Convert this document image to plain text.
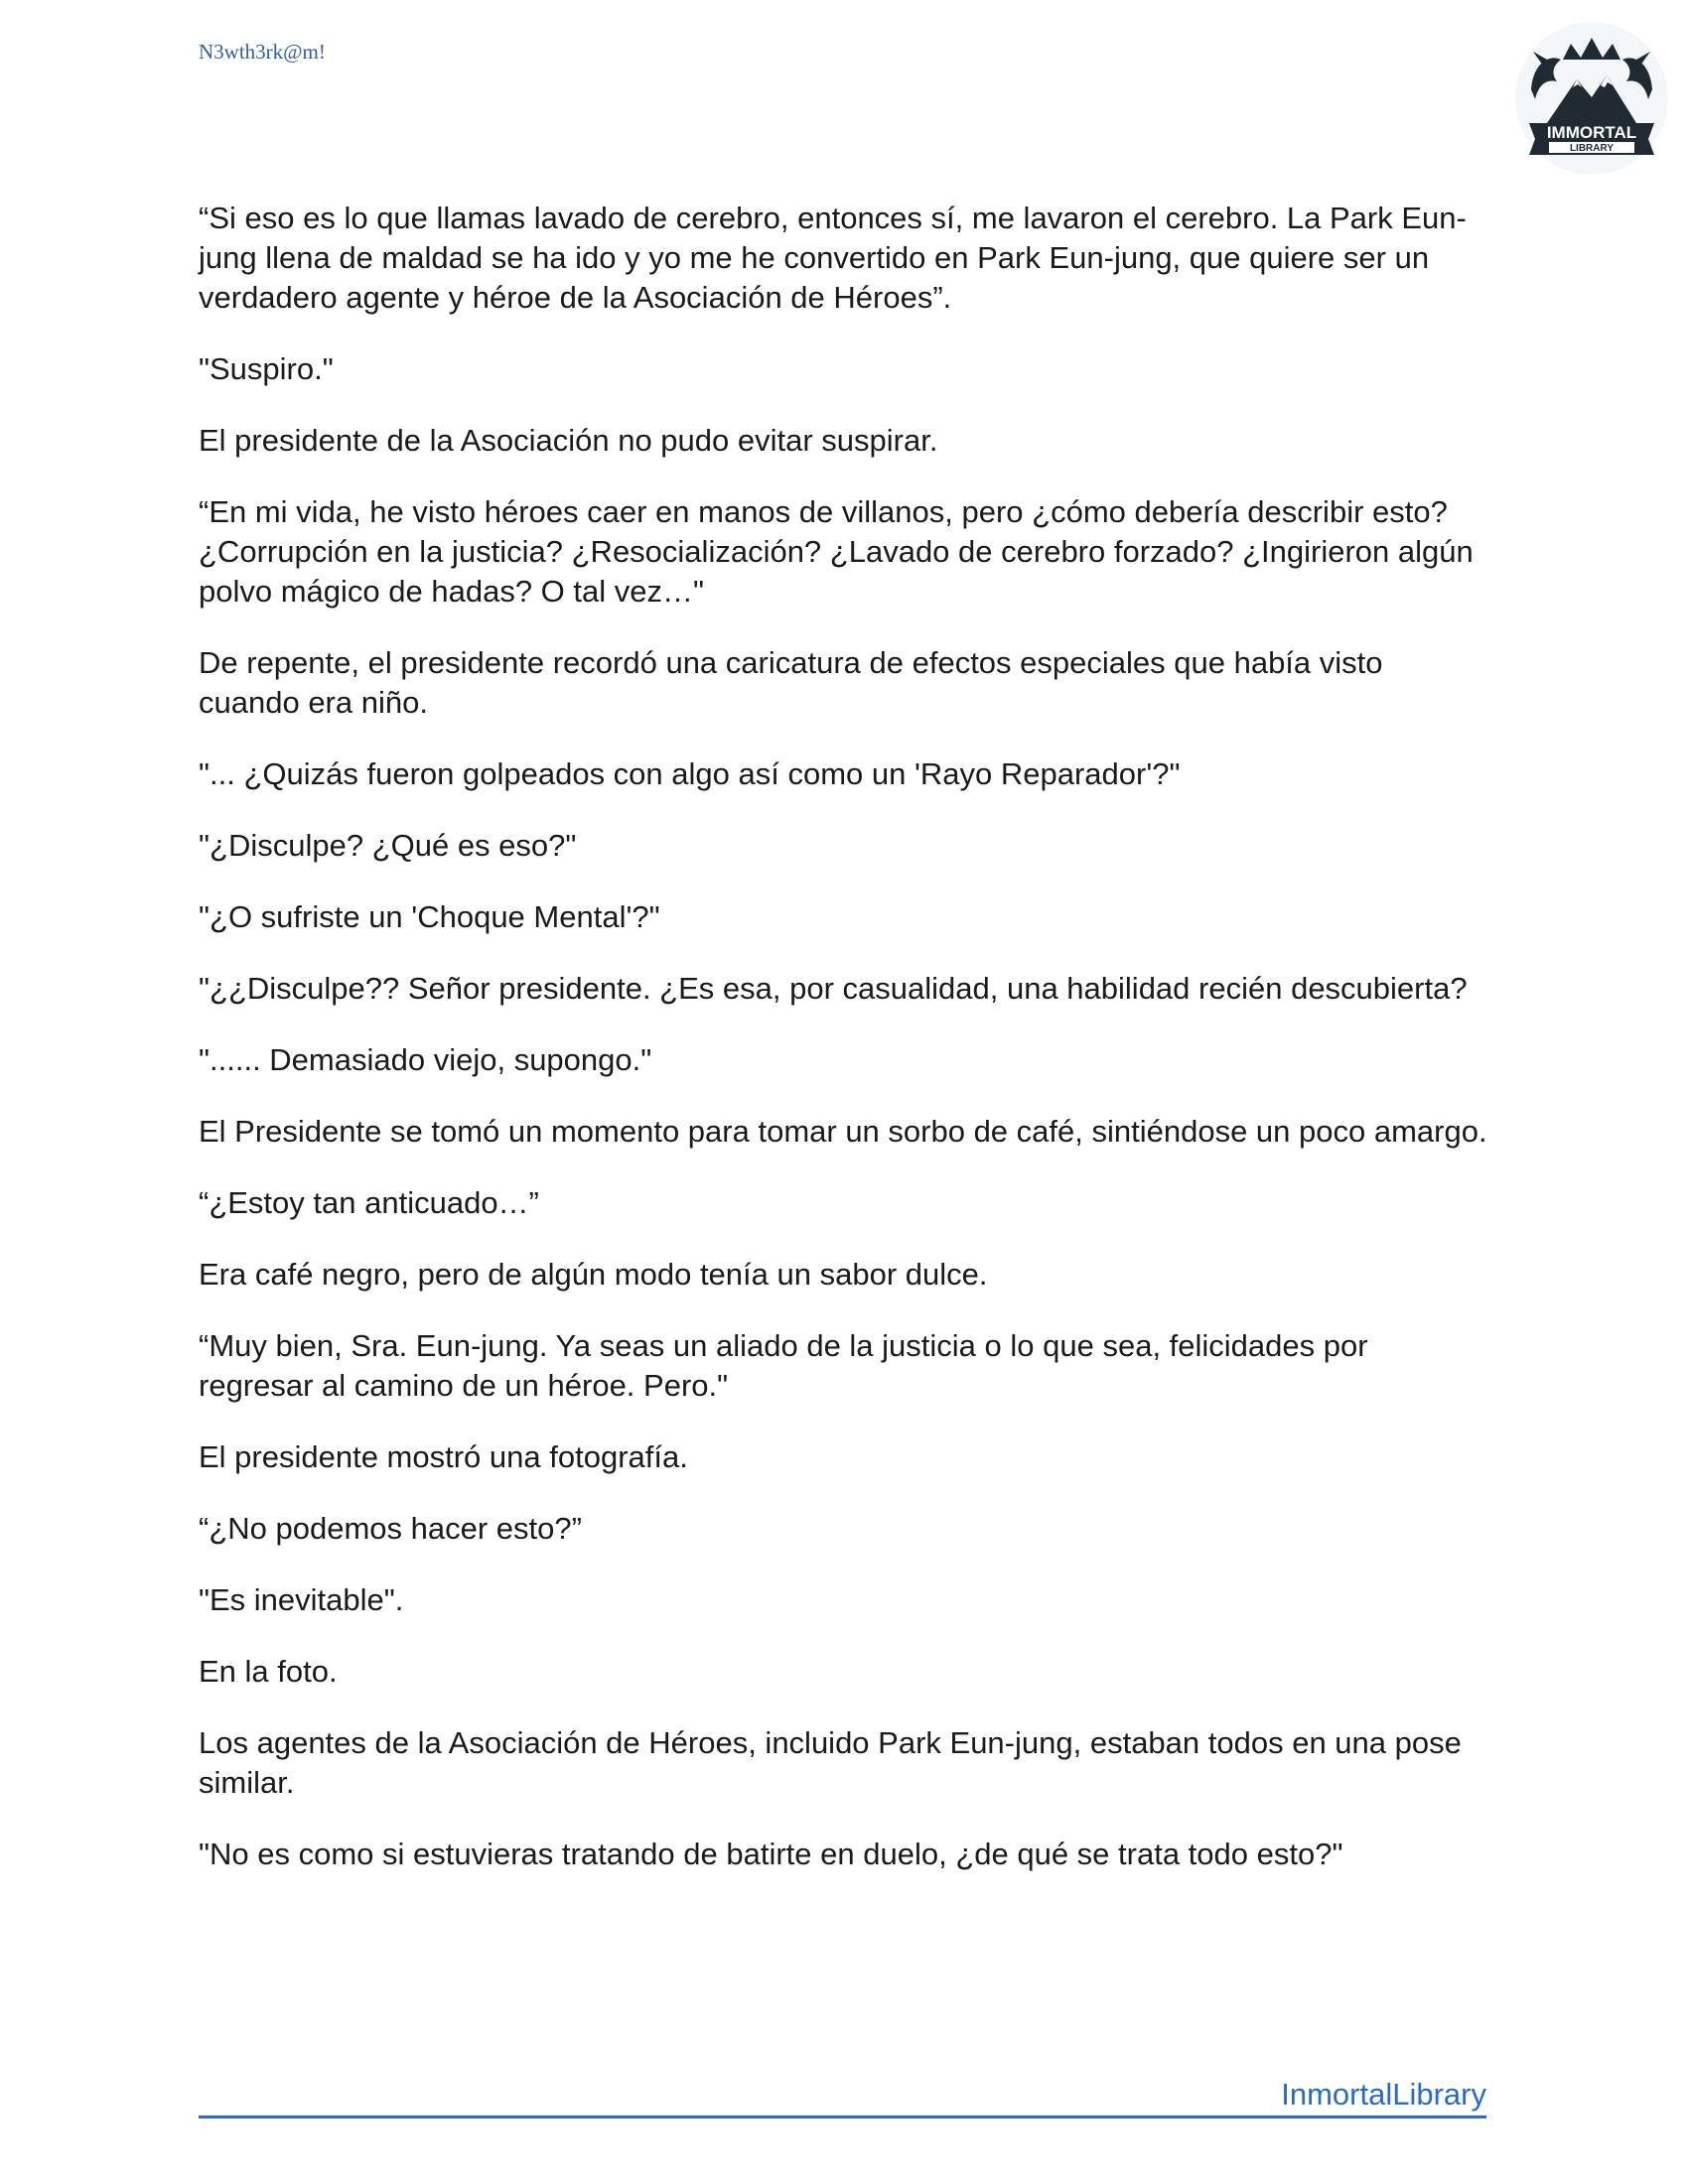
N3wth3rk@m!
IMMORTAL
LIBRARY

“Si eso es lo que llamas lavado de cerebro, entonces sí, me lavaron el cerebro. La Park Eun-jung llena de maldad se ha ido y yo me he convertido en Park Eun-jung, que quiere ser un verdadero agente y héroe de la Asociación de Héroes”.

"Suspiro."

El presidente de la Asociación no pudo evitar suspirar.

“En mi vida, he visto héroes caer en manos de villanos, pero ¿cómo debería describir esto? ¿Corrupción en la justicia? ¿Resocialización? ¿Lavado de cerebro forzado? ¿Ingirieron algún polvo mágico de hadas? O tal vez…"

De repente, el presidente recordó una caricatura de efectos especiales que había visto cuando era niño.

"... ¿Quizás fueron golpeados con algo así como un 'Rayo Reparador'?"

"¿Disculpe? ¿Qué es eso?"

"¿O sufriste un 'Choque Mental'?"

"¿¿Disculpe?? Señor presidente. ¿Es esa, por casualidad, una habilidad recién descubierta?

"...... Demasiado viejo, supongo."

El Presidente se tomó un momento para tomar un sorbo de café, sintiéndose un poco amargo.

“¿Estoy tan anticuado…”

Era café negro, pero de algún modo tenía un sabor dulce.

“Muy bien, Sra. Eun-jung. Ya seas un aliado de la justicia o lo que sea, felicidades por regresar al camino de un héroe. Pero."

El presidente mostró una fotografía.

“¿No podemos hacer esto?”

"Es inevitable".

En la foto.

Los agentes de la Asociación de Héroes, incluido Park Eun-jung, estaban todos en una pose similar.

"No es como si estuvieras tratando de batirte en duelo, ¿de qué se trata todo esto?"

InmortalLibrary
